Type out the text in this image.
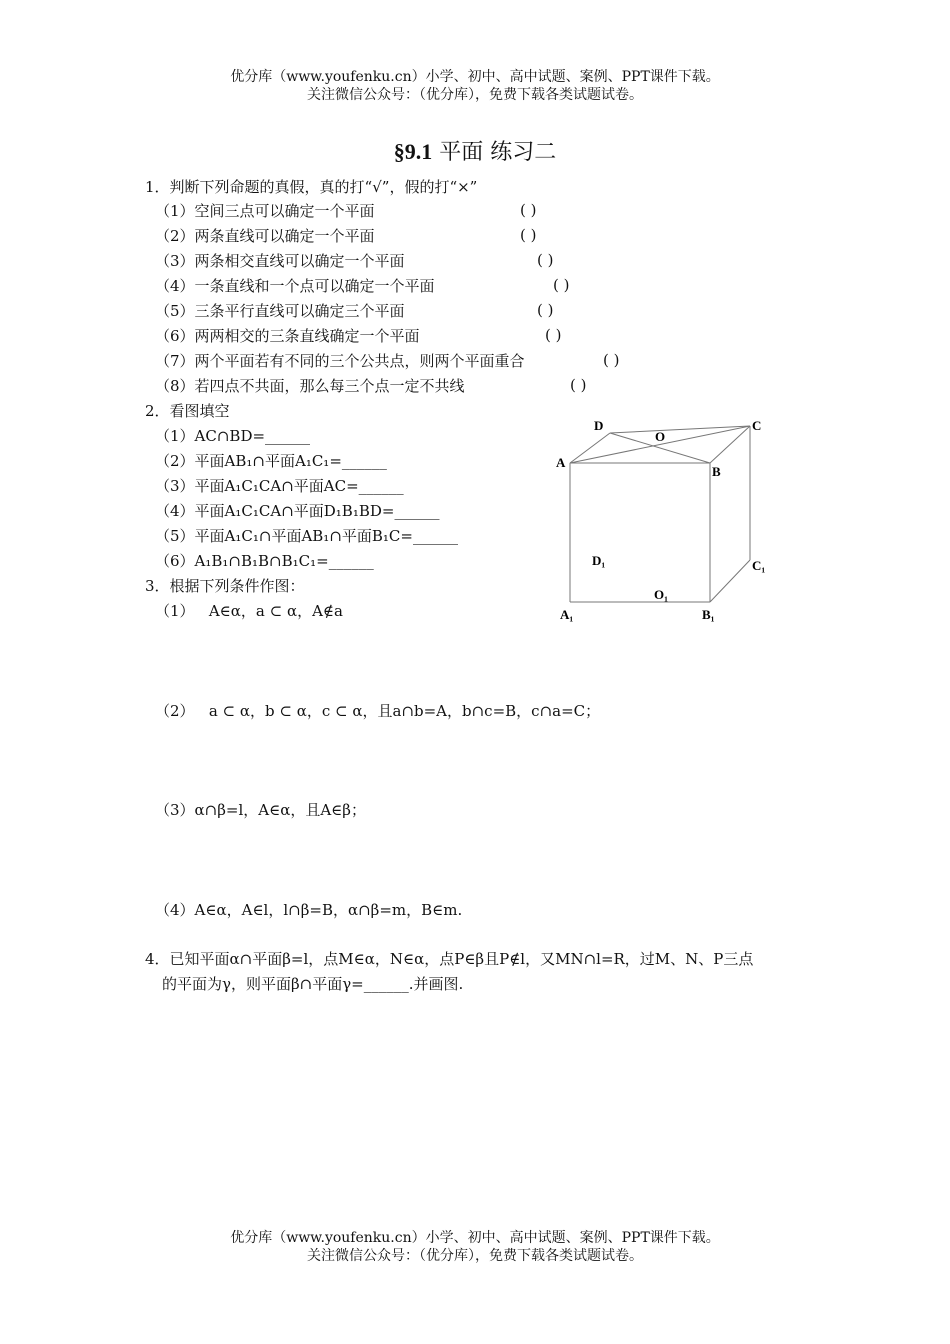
优分库（www.youfenku.cn）小学、初中、高中试题、案例、PPT课件下载。
关注微信公众号：（优分库），免费下载各类试题试卷。
§9.1 平面 练习二
1．判断下列命题的真假，真的打“√”，假的打“×”
（1）空间三点可以确定一个平面	( )
（2）两条直线可以确定一个平面	( )
（3）两条相交直线可以确定一个平面	( )
（4）一条直线和一个点可以确定一个平面	( )
（5）三条平行直线可以确定三个平面	( )
（6）两两相交的三条直线确定一个平面	( )
（7）两个平面若有不同的三个公共点，则两个平面重合	( )
（8）若四点不共面，那么每三个点一定不共线	( )
2．看图填空
（1）AC∩BD=______
（2）平面AB₁∩平面A₁C₁=______
（3）平面A₁C₁CA∩平面AC=______
（4）平面A₁C₁CA∩平面D₁B₁BD=______
（5）平面A₁C₁∩平面AB₁∩平面B₁C=______
（6）A₁B₁∩B₁B∩B₁C₁=______
D
O
C
A
B
D₁	C₁
O₁
A₁	B₁
3．根据下列条件作图：
（1）   A∈α，a ⊂ α，A∉a
（2）   a ⊂ α，b ⊂ α，c ⊂ α，且a∩b=A，b∩c=B，c∩a=C；
（3）α∩β=l，A∈α，且A∈β；
（4）A∈α，A∈l，l∩β=B，α∩β=m，B∈m.
4．已知平面α∩平面β=l，点M∈α，N∈α，点P∈β且P∉l，又MN∩l=R，过M、N、P三点
的平面为γ，则平面β∩平面γ=______.并画图.
优分库（www.youfenku.cn）小学、初中、高中试题、案例、PPT课件下载。
关注微信公众号：（优分库），免费下载各类试题试卷。
